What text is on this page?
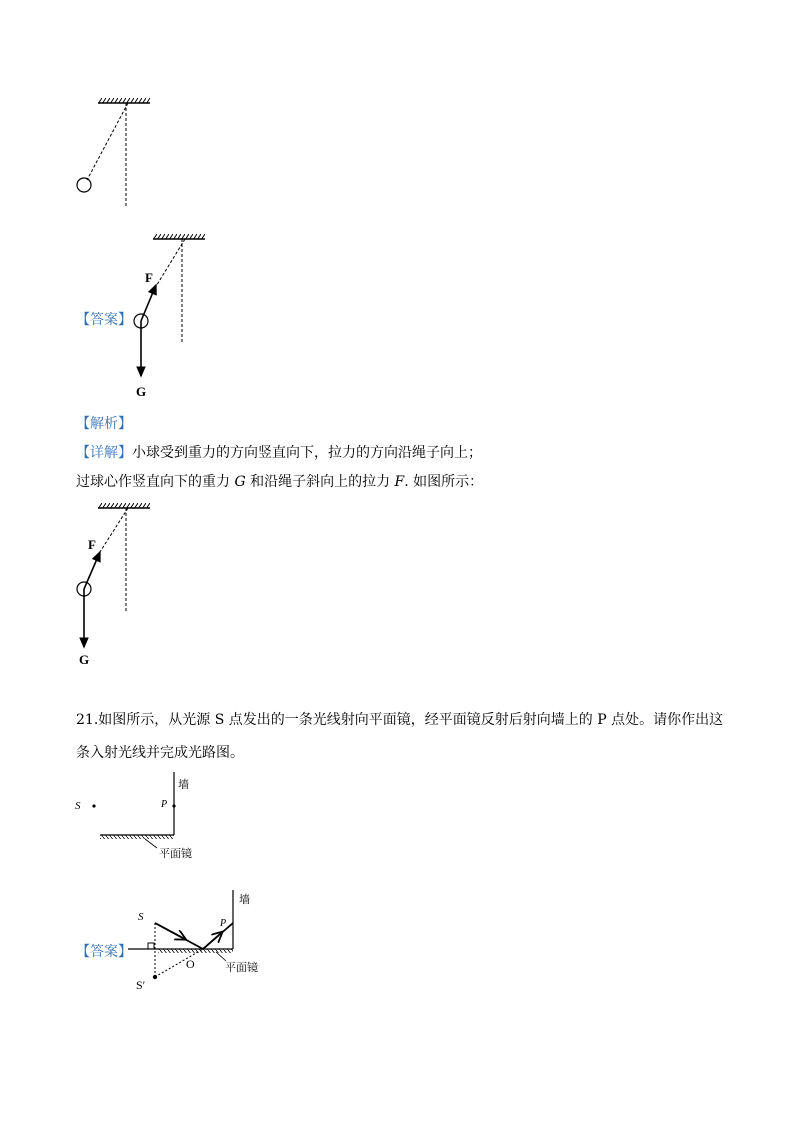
【答案】
F
G
【解析】
【详解】小球受到重力的方向竖直向下，拉力的方向沿绳子向上；
过球心作竖直向下的重力 G 和沿绳子斜向上的拉力 F. 如图所示：
F
G
21.如图所示，从光源 S 点发出的一条光线射向平面镜，经平面镜反射后射向墙上的 P 点处。请你作出这
条入射光线并完成光路图。
S
墙
P
平面镜
【答案】
S
墙
P
O
S′
平面镜
